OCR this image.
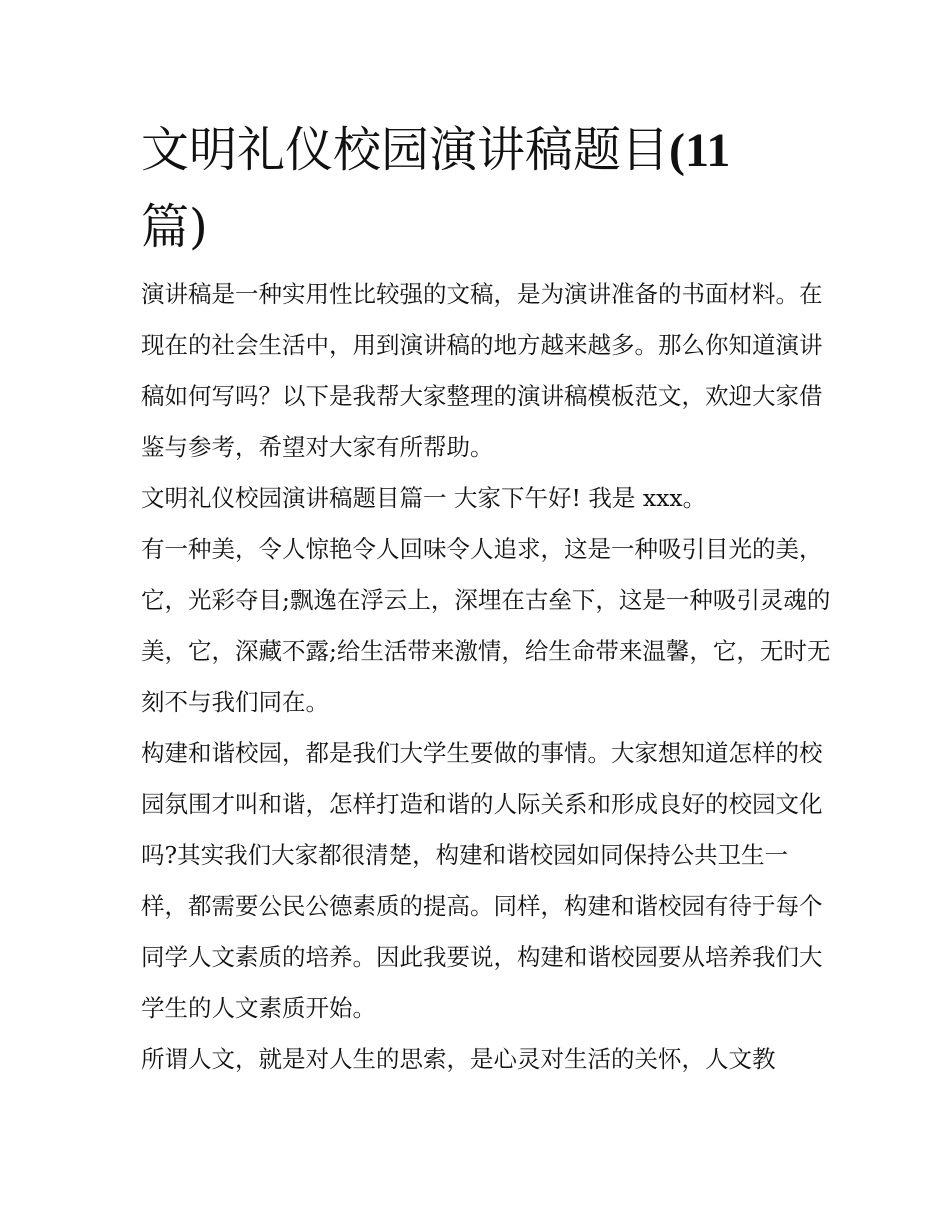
文明礼仪校园演讲稿题目(11
篇)

演讲稿是一种实用性比较强的文稿，是为演讲准备的书面材料。在现在的社会生活中，用到演讲稿的地方越来越多。那么你知道演讲稿如何写吗？以下是我帮大家整理的演讲稿模板范文，欢迎大家借鉴与参考，希望对大家有所帮助。

文明礼仪校园演讲稿题目篇一 大家下午好! 我是 xxx。

有一种美，令人惊艳令人回味令人追求，这是一种吸引目光的美，它，光彩夺目;飘逸在浮云上，深埋在古垒下，这是一种吸引灵魂的美，它，深藏不露;给生活带来激情，给生命带来温馨，它，无时无刻不与我们同在。

构建和谐校园，都是我们大学生要做的事情。大家想知道怎样的校园氛围才叫和谐，怎样打造和谐的人际关系和形成良好的校园文化吗?其实我们大家都很清楚，构建和谐校园如同保持公共卫生一样，都需要公民公德素质的提高。同样，构建和谐校园有待于每个同学人文素质的培养。因此我要说，构建和谐校园要从培养我们大学生的人文素质开始。

所谓人文，就是对人生的思索，是心灵对生活的关怀，人文教
